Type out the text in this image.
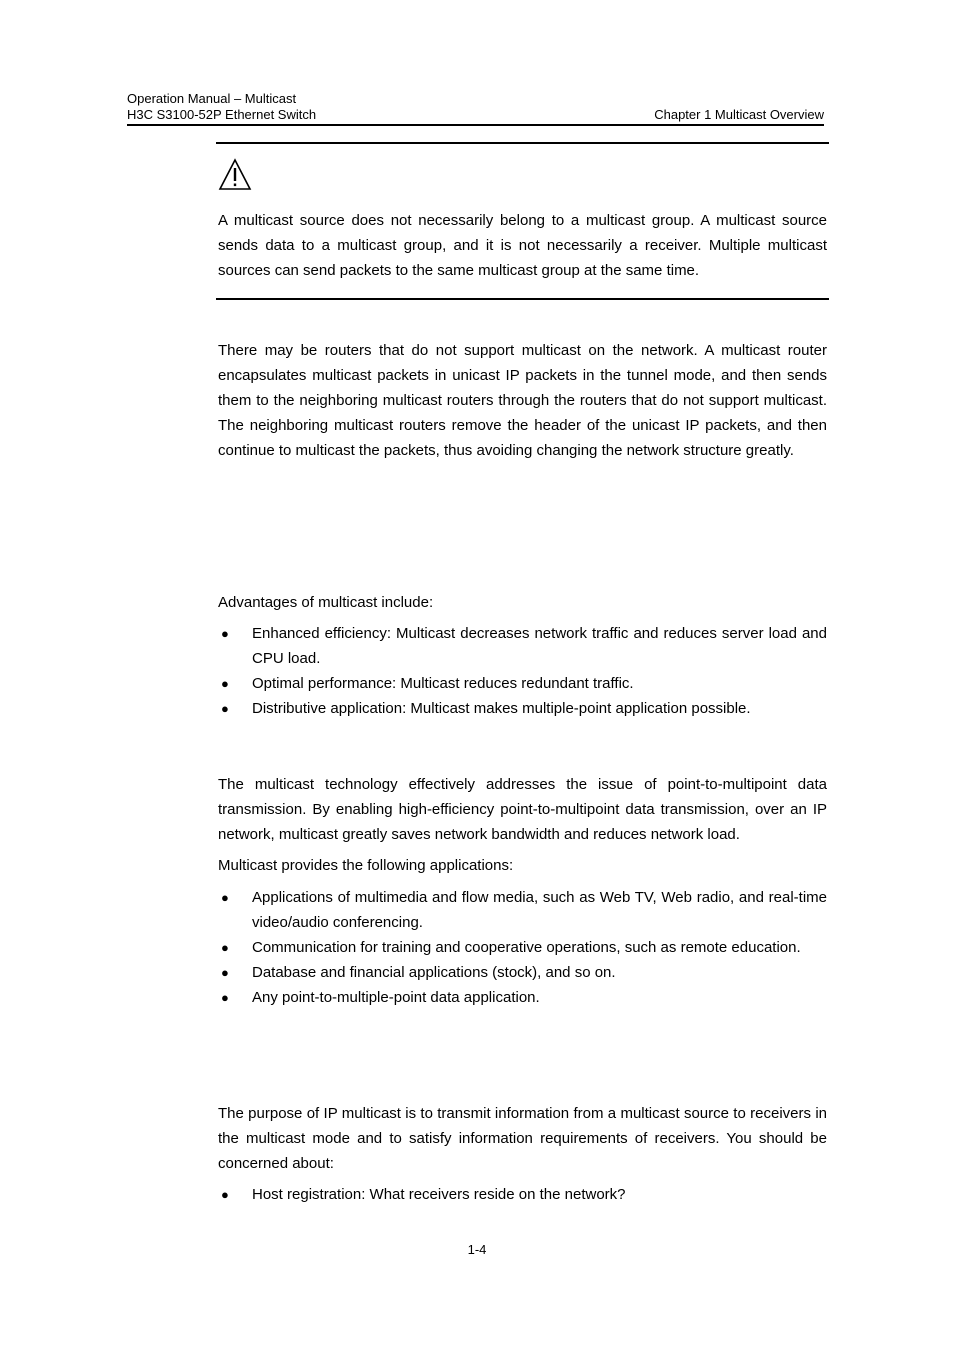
Operation Manual – Multicast
H3C S3100-52P Ethernet Switch	Chapter 1 Multicast Overview
A multicast source does not necessarily belong to a multicast group. A multicast source sends data to a multicast group, and it is not necessarily a receiver. Multiple multicast sources can send packets to the same multicast group at the same time.
There may be routers that do not support multicast on the network. A multicast router encapsulates multicast packets in unicast IP packets in the tunnel mode, and then sends them to the neighboring multicast routers through the routers that do not support multicast. The neighboring multicast routers remove the header of the unicast IP packets, and then continue to multicast the packets, thus avoiding changing the network structure greatly.
Advantages of multicast include:
● Enhanced efficiency: Multicast decreases network traffic and reduces server load and CPU load.
● Optimal performance: Multicast reduces redundant traffic.
● Distributive application: Multicast makes multiple-point application possible.
The multicast technology effectively addresses the issue of point-to-multipoint data transmission. By enabling high-efficiency point-to-multipoint data transmission, over an IP network, multicast greatly saves network bandwidth and reduces network load.
Multicast provides the following applications:
● Applications of multimedia and flow media, such as Web TV, Web radio, and real-time video/audio conferencing.
● Communication for training and cooperative operations, such as remote education.
● Database and financial applications (stock), and so on.
● Any point-to-multiple-point data application.
The purpose of IP multicast is to transmit information from a multicast source to receivers in the multicast mode and to satisfy information requirements of receivers. You should be concerned about:
● Host registration: What receivers reside on the network?
1-4
